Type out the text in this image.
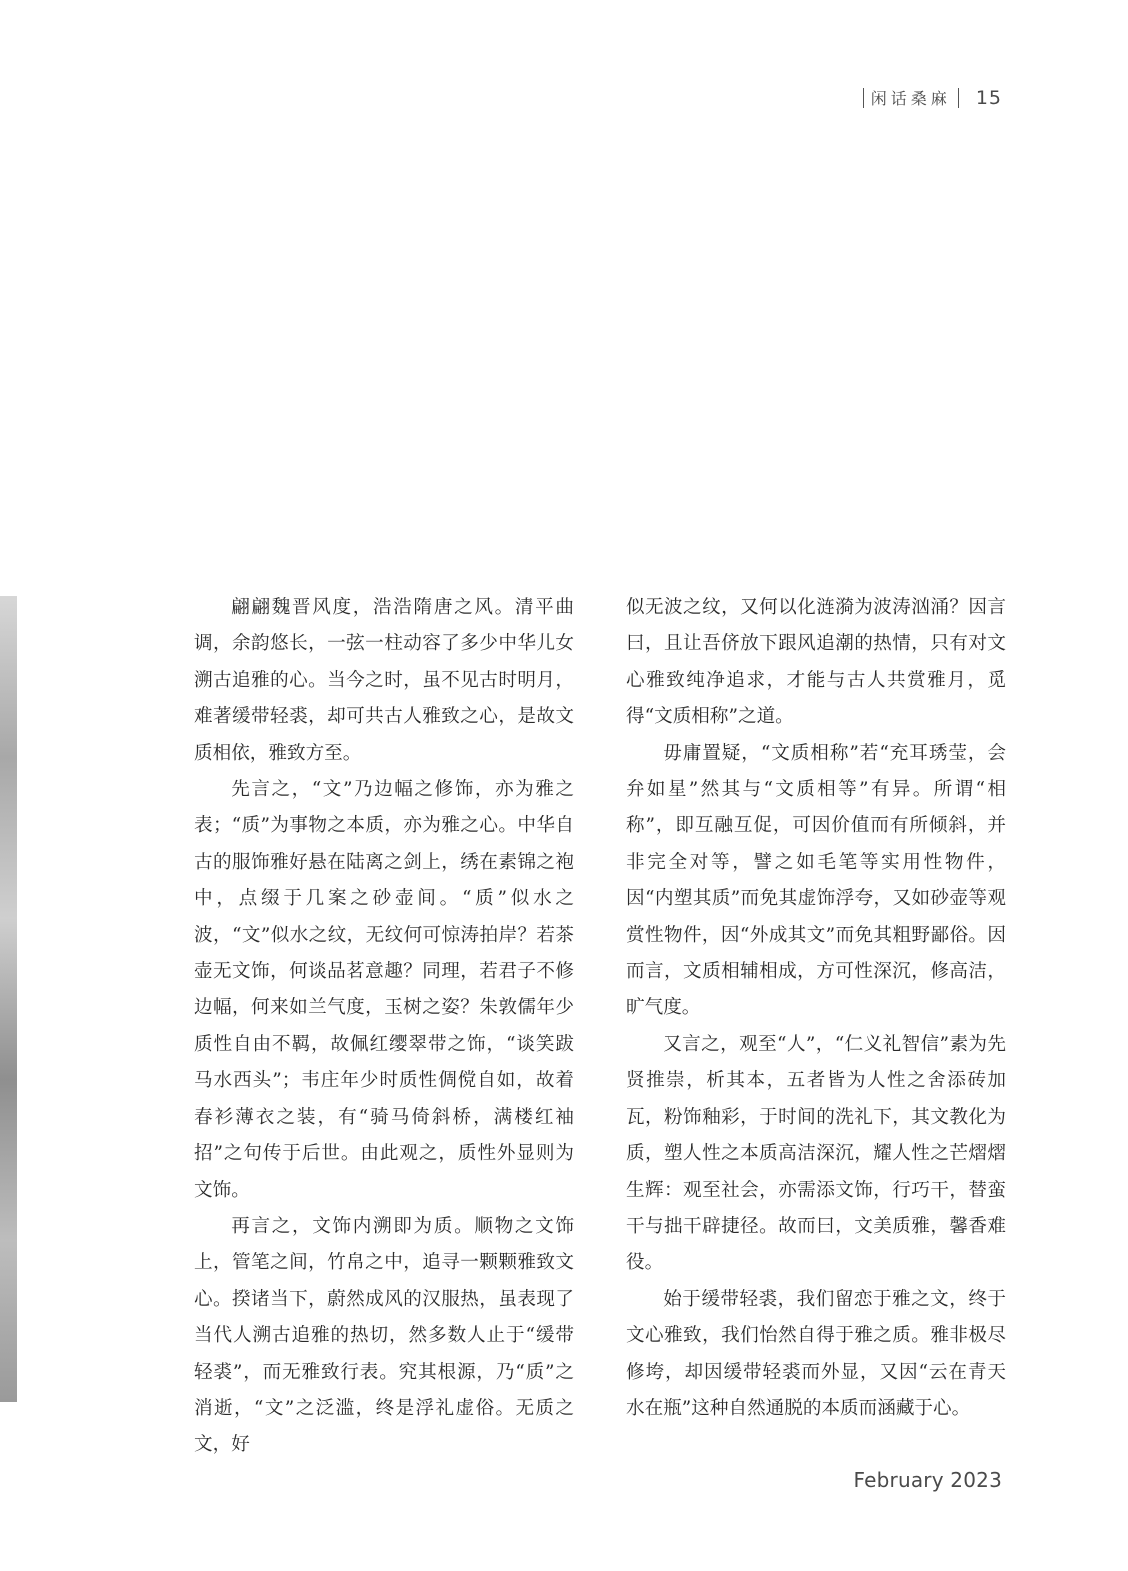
闲话桑麻 15

翩翩魏晋风度，浩浩隋唐之风。清平曲调，余韵悠长，一弦一柱动容了多少中华儿女溯古追雅的心。当今之时，虽不见古时明月，难著缓带轻裘，却可共古人雅致之心，是故文质相依，雅致方至。

先言之，“文”乃边幅之修饰，亦为雅之表；“质”为事物之本质，亦为雅之心。中华自古的服饰雅好悬在陆离之剑上，绣在素锦之袍中，点缀于几案之砂壶间。“质”似水之波，“文”似水之纹，无纹何可惊涛拍岸？若茶壶无文饰，何谈品茗意趣？同理，若君子不修边幅，何来如兰气度，玉树之姿？朱敦儒年少质性自由不羁，故佩红缨翠带之饰，“谈笑跋马水西头”；韦庄年少时质性倜傥自如，故着春衫薄衣之装，有“骑马倚斜桥，满楼红袖招”之句传于后世。由此观之，质性外显则为文饰。

再言之，文饰内溯即为质。顺物之文饰上，管笔之间，竹帛之中，追寻一颗颗雅致文心。揆诸当下，蔚然成风的汉服热，虽表现了当代人溯古追雅的热切，然多数人止于“缓带轻裘”，而无雅致行表。究其根源，乃“质”之消逝，“文”之泛滥，终是浮礼虚俗。无质之文，好

似无波之纹，又何以化涟漪为波涛汹涌？因言曰，且让吾侪放下跟风追潮的热情，只有对文心雅致纯净追求，才能与古人共赏雅月，觅得“文质相称”之道。

毋庸置疑，“文质相称”若“充耳琇莹，会弁如星”然其与“文质相等”有异。所谓“相称”，即互融互促，可因价值而有所倾斜，并非完全对等，譬之如毛笔等实用性物件，因“内塑其质”而免其虚饰浮夸，又如砂壶等观赏性物件，因“外成其文”而免其粗野鄙俗。因而言，文质相辅相成，方可性深沉，修高洁，旷气度。

又言之，观至“人”，“仁义礼智信”素为先贤推崇，析其本，五者皆为人性之舍添砖加瓦，粉饰釉彩，于时间的洗礼下，其文教化为质，塑人性之本质高洁深沉，耀人性之芒熠熠生辉：观至社会，亦需添文饰，行巧干，替蛮干与拙干辟捷径。故而曰，文美质雅，馨香难役。

始于缓带轻裘，我们留恋于雅之文，终于文心雅致，我们怡然自得于雅之质。雅非极尽修垮，却因缓带轻裘而外显，又因“云在青天水在瓶”这种自然通脱的本质而涵藏于心。

February 2023
